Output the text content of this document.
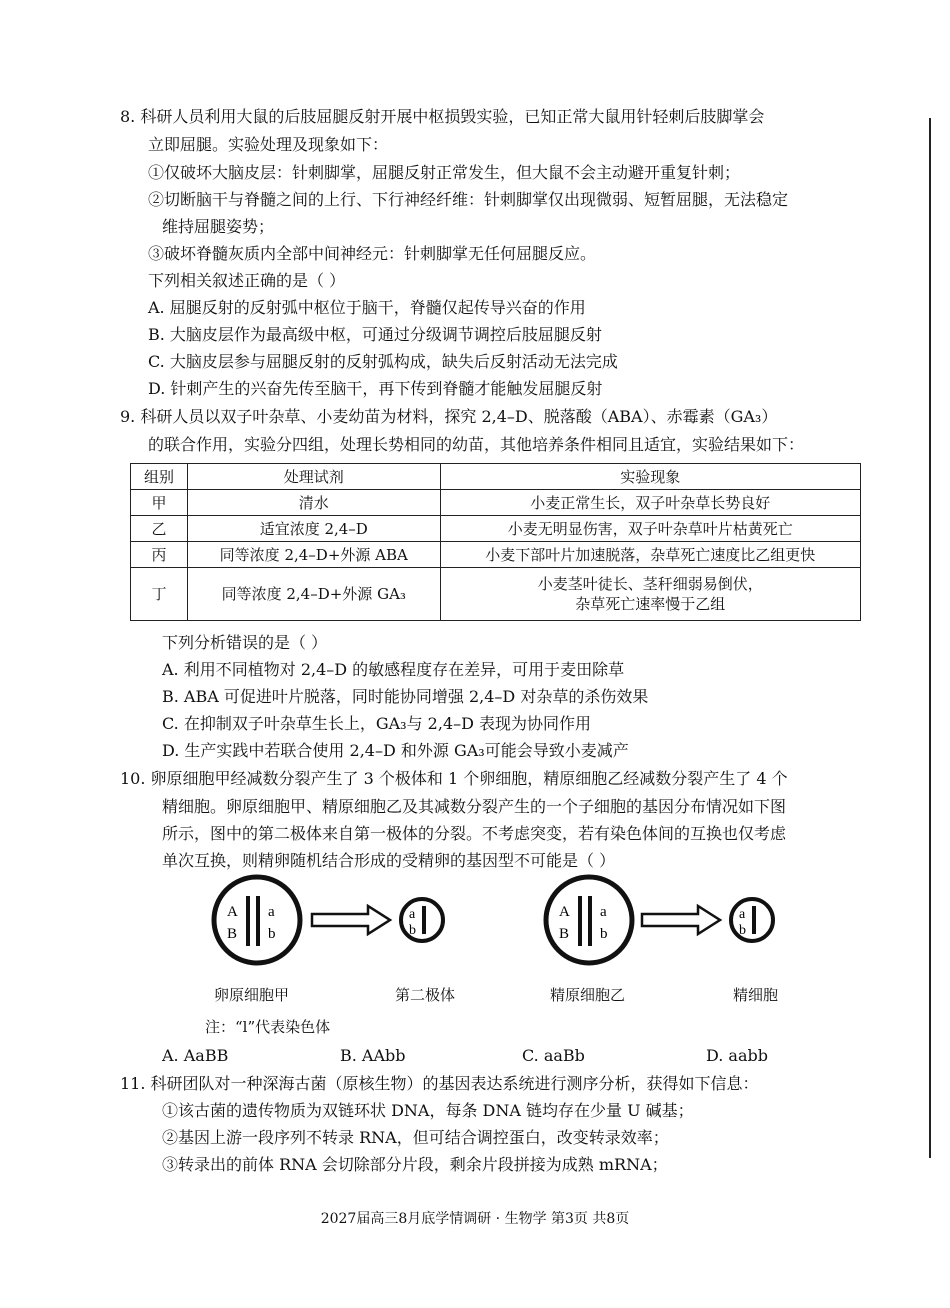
8. 科研人员利用大鼠的后肢屈腿反射开展中枢损毁实验，已知正常大鼠用针轻刺后肢脚掌会
立即屈腿。实验处理及现象如下：
①仅破坏大脑皮层：针刺脚掌，屈腿反射正常发生，但大鼠不会主动避开重复针刺；
②切断脑干与脊髓之间的上行、下行神经纤维：针刺脚掌仅出现微弱、短暂屈腿，无法稳定
维持屈腿姿势；
③破坏脊髓灰质内全部中间神经元：针刺脚掌无任何屈腿反应。
下列相关叙述正确的是（ ）
A. 屈腿反射的反射弧中枢位于脑干，脊髓仅起传导兴奋的作用
B. 大脑皮层作为最高级中枢，可通过分级调节调控后肢屈腿反射
C. 大脑皮层参与屈腿反射的反射弧构成，缺失后反射活动无法完成
D. 针刺产生的兴奋先传至脑干，再下传到脊髓才能触发屈腿反射
9. 科研人员以双子叶杂草、小麦幼苗为材料，探究 2,4–D、脱落酸（ABA）、赤霉素（GA₃）
的联合作用，实验分四组，处理长势相同的幼苗，其他培养条件相同且适宜，实验结果如下：
组别	处理试剂	实验现象
甲	清水	小麦正常生长，双子叶杂草长势良好
乙	适宜浓度 2,4–D	小麦无明显伤害，双子叶杂草叶片枯黄死亡
丙	同等浓度 2,4–D+外源 ABA	小麦下部叶片加速脱落，杂草死亡速度比乙组更快
丁	同等浓度 2,4–D+外源 GA₃	小麦茎叶徒长、茎秆细弱易倒伏，
杂草死亡速率慢于乙组
下列分析错误的是（ ）
A. 利用不同植物对 2,4–D 的敏感程度存在差异，可用于麦田除草
B. ABA 可促进叶片脱落，同时能协同增强 2,4–D 对杂草的杀伤效果
C. 在抑制双子叶杂草生长上，GA₃与 2,4–D 表现为协同作用
D. 生产实践中若联合使用 2,4–D 和外源 GA₃可能会导致小麦减产
10. 卵原细胞甲经减数分裂产生了 3 个极体和 1 个卵细胞，精原细胞乙经减数分裂产生了 4 个
精细胞。卵原细胞甲、精原细胞乙及其减数分裂产生的一个子细胞的基因分布情况如下图
所示，图中的第二极体来自第一极体的分裂。不考虑突变，若有染色体间的互换也仅考虑
单次互换，则精卵随机结合形成的受精卵的基因型不可能是（ ）
A
B
a
b
a
b
A
B
a
b
a
b
卵原细胞甲	第二极体	精原细胞乙	精细胞
注：“l”代表染色体
A. AaBB	B. AAbb	C. aaBb	D. aabb
11. 科研团队对一种深海古菌（原核生物）的基因表达系统进行测序分析，获得如下信息：
①该古菌的遗传物质为双链环状 DNA，每条 DNA 链均存在少量 U 碱基；
②基因上游一段序列不转录 RNA，但可结合调控蛋白，改变转录效率；
③转录出的前体 RNA 会切除部分片段，剩余片段拼接为成熟 mRNA；
2027届高三8月底学情调研 · 生物学 第3页 共8页
